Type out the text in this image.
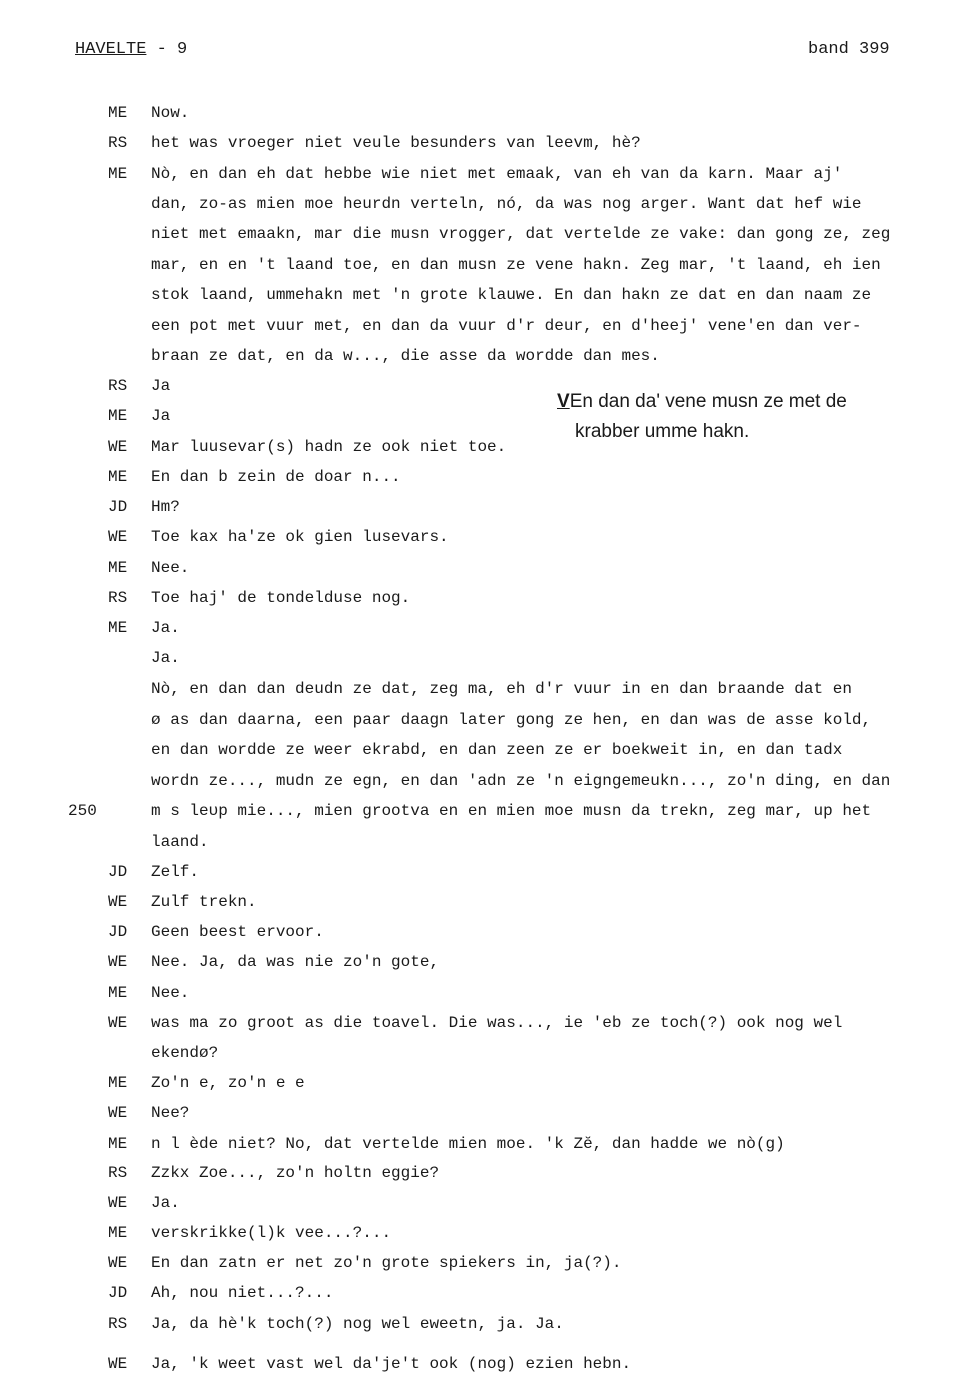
HAVELTE - 9	band 399
VEn dan da' vene musn ze met de
krabber umme hakn.
ME	Now.
RS	het was vroeger niet veule besunders van leevm, hè?
ME	Nò, en dan eh dat hebbe wie niet met emaak, van eh van da karn. Maar aj'
dan, zo-as mien moe heurdn verteln, nó, da was nog arger. Want dat hef wie
niet met emaakn, mar die musn vrogger, dat vertelde ze vake: dan gong ze, zeg
mar, en en 't laand toe, en dan musn ze vene hakn. Zeg mar, 't laand, eh ien
stok laand, ummehakn met 'n grote klauwe. En dan hakn ze dat en dan naam ze
een pot met vuur met, en dan da vuur d'r deur, en d'heej' vene'en dan ver-
braan ze dat, en da w..., die asse da wordde dan mes.
RS	Ja
ME	Ja
WE	Mar luusevar(s) hadn ze ook niet toe.
ME	En dan b zein de doar n...
JD	Hm?
WE	Toe kax ha'ze ok gien lusevars.
ME	Nee.
RS	Toe haj' de tondelduse nog.
ME	Ja.
Ja.
Nò, en dan dan deudn ze dat, zeg ma, eh d'r vuur in en dan braande dat en
ø as dan daarna, een paar daagn later gong ze hen, en dan was de asse kold,
en dan wordde ze weer ekrabd, en dan zeen ze er boekweit in, en dan tadx
wordn ze..., mudn ze egn, en dan 'adn ze 'n eigngemeukn..., zo'n ding, en dan
m s leυp mie..., mien grootva en en mien moe musn da trekn, zeg mar, up het
250
laand.
JD	Zelf.
WE	Zulf trekn.
JD	Geen beest ervoor.
WE	Nee. Ja, da was nie zo'n gote,
ME	Nee.
WE	was ma zo groot as die toavel. Die was..., ie 'eb ze toch(?) ook nog wel
ekendø?
ME	Zo'n e, zo'n e e
WE	Nee?
ME	n l ède niet? No, dat vertelde mien moe. 'k Zĕ, dan hadde we nò(g)
RS	Zzkx Zoe..., zo'n holtn eggie?
WE	Ja.
ME	verskrikke(l)k vee...?...
WE	En dan zatn er net zo'n grote spiekers in, ja(?).
JD	Ah, nou niet...?...
RS	Ja, da hè'k toch(?) nog wel eweetn, ja. Ja.
WE	Ja, 'k weet vast wel da'je't ook (nog) ezien hebn.
